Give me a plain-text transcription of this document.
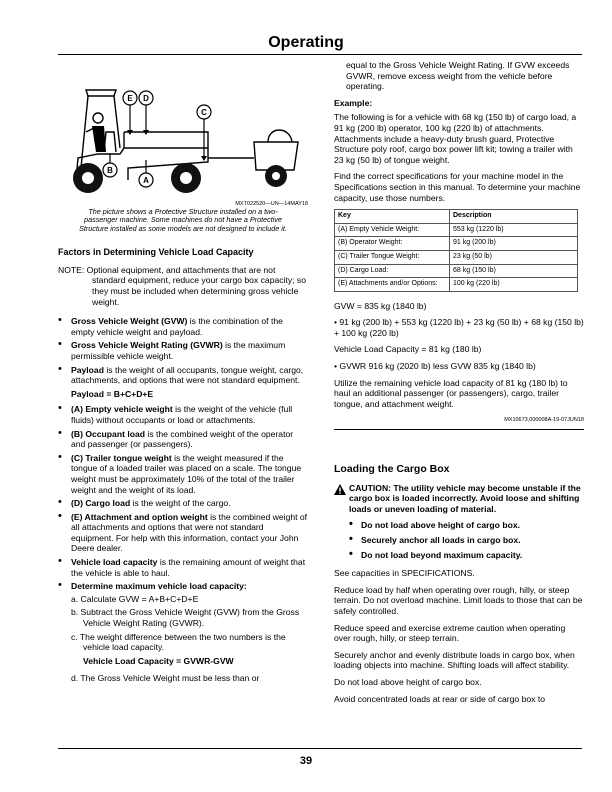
Operating
E D
C
A
B
MXT022520—UN—14MAY18
The picture shows a Protective Structure installed on a two-passenger machine. Some machines do not have a Protective Structure installed as some models are not designed to include it.
Factors in Determining Vehicle Load Capacity

NOTE: Optional equipment, and attachments that are not standard equipment, reduce your cargo box capacity; so they must be included when determining gross vehicle weight.

• Gross Vehicle Weight (GVW) is the combination of the empty vehicle weight and payload.
• Gross Vehicle Weight Rating (GVWR) is the maximum permissible vehicle weight.
• Payload is the weight of all occupants, tongue weight, cargo, attachments, and options that were not standard equipment.
Payload = B+C+D+E
• (A) Empty vehicle weight is the weight of the vehicle (full fluids) without occupants or load or attachments.
• (B) Occupant load is the combined weight of the operator and passenger (or passengers).
• (C) Trailer tongue weight is the weight measured if the tongue of a loaded trailer was placed on a scale. The tongue weight must be approximately 10% of the total of the trailer weight and the weight of its load.
• (D) Cargo load is the weight of the cargo.
• (E) Attachment and option weight is the combined weight of all attachments and options that were not standard equipment. For help with this information, contact your John Deere dealer.
• Vehicle load capacity is the remaining amount of weight that the vehicle is able to haul.
• Determine maximum vehicle load capacity:
a. Calculate GVW = A+B+C+D+E
b. Subtract the Gross Vehicle Weight (GVW) from the Gross Vehicle Weight Rating (GVWR).
c. The weight difference between the two numbers is the vehicle load capacity.
Vehicle Load Capacity = GVWR-GVW
d. The Gross Vehicle Weight must be less than or

equal to the Gross Vehicle Weight Rating. If GVW exceeds GVWR, remove excess weight from the vehicle before operating.

Example:

The following is for a vehicle with 68 kg (150 lb) of cargo load, a 91 kg (200 lb) operator, 100 kg (220 lb) of attachments. Attachments include a heavy-duty brush guard, Protective Structure poly roof, cargo box power lift kit; towing a trailer with 23 kg (50 lb) of tongue weight.

Find the correct specifications for your machine model in the Specifications section in this manual. To determine your machine capacity, use those numbers.

Key	Description
(A) Empty Vehicle Weight:	553 kg (1220 lb)
(B) Operator Weight:	91 kg (200 lb)
(C) Trailer Tongue Weight:	23 kg (50 lb)
(D) Cargo Load:	68 kg (150 lb)
(E) Attachments and/or Options:	100 kg (220 lb)

GVW = 835 kg (1840 lb)

• 91 kg (200 lb) + 553 kg (1220 lb) + 23 kg (50 lb) + 68 kg (150 lb) + 100 kg (220 lb)

Vehicle Load Capacity = 81 kg (180 lb)

• GVWR 916 kg (2020 lb) less GVW 835 kg (1840 lb)

Utilize the remaining vehicle load capacity of 81 kg (180 lb) to haul an additional passenger (or passengers), cargo, trailer tongue, and attachment weight.

MX10673,000008A-19-07JUN18
Loading the Cargo Box
CAUTION: The utility vehicle may become unstable if the cargo box is loaded incorrectly. Avoid loose and shifting loads or uneven loading of material.
• Do not load above height of cargo box.
• Securely anchor all loads in cargo box.
• Do not load beyond maximum capacity.

See capacities in SPECIFICATIONS.

Reduce load by half when operating over rough, hilly, or steep terrain. Do not overload machine. Limit loads to those that can be safely controlled.

Reduce speed and exercise extreme caution when operating over rough, hilly, or steep terrain.

Securely anchor and evenly distribute loads in cargo box, when loading objects into machine. Shifting loads will affect stability.

Do not load above height of cargo box.

Avoid concentrated loads at rear or side of cargo box to

39
